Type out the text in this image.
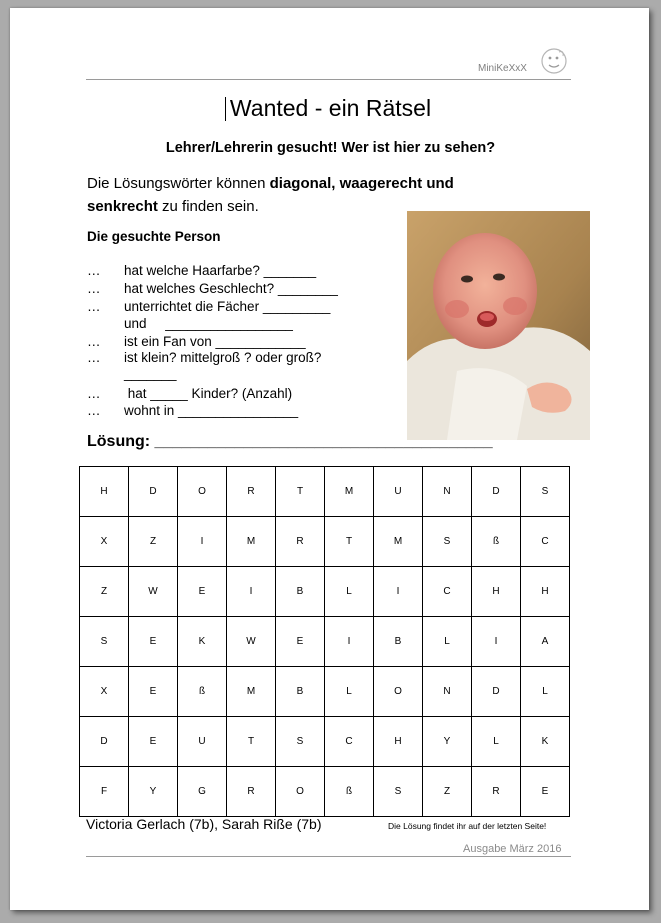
MiniKeXxX
Wanted - ein Rätsel
Lehrer/Lehrerin gesucht! Wer ist hier zu sehen?
Die Lösungswörter können diagonal, waagerecht und senkrecht zu finden sein.
Die gesuchte Person
… hat welche Haarfarbe? _______
… hat welches Geschlecht? ________
… unterrichtet die Fächer _________
und     _________________
… ist ein Fan von ____________
… ist klein? mittelgroß ? oder groß?
_______
… hat _____ Kinder? (Anzahl)
… wohnt in ________________
Lösung: ______________________________________
H	D	O	R	T	M	U	N	D	S
X	Z	I	M	R	T	M	S	ß	C
Z	W	E	I	B	L	I	C	H	H
S	E	K	W	E	I	B	L	I	A
X	E	ß	M	B	L	O	N	D	L
D	E	U	T	S	C	H	Y	L	K
F	Y	G	R	O	ß	S	Z	R	E
Victoria Gerlach (7b), Sarah Riße (7b)	Die Lösung findet ihr auf der letzten Seite!
Ausgabe März 2016
